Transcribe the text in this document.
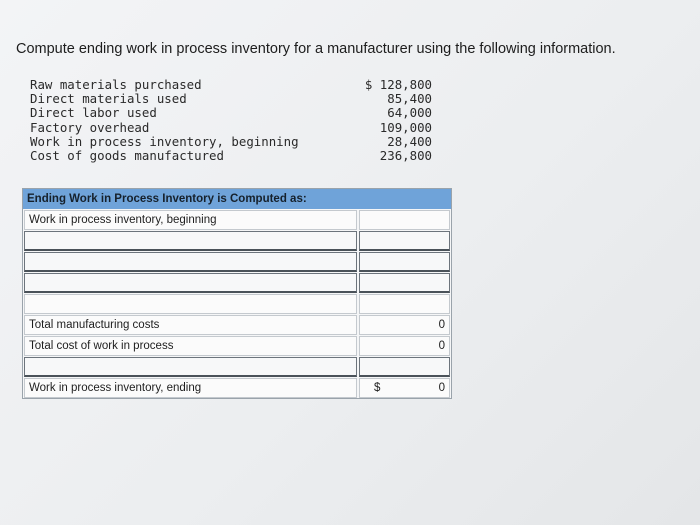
Compute ending work in process inventory for a manufacturer using the following information.
Raw materials purchased	$ 128,800
Direct materials used	85,400
Direct labor used	64,000
Factory overhead	109,000
Work in process inventory, beginning	28,400
Cost of goods manufactured	236,800
Ending Work in Process Inventory is Computed as:
Work in process inventory, beginning
Total manufacturing costs	0
Total cost of work in process	0
Work in process inventory, ending	$	0
